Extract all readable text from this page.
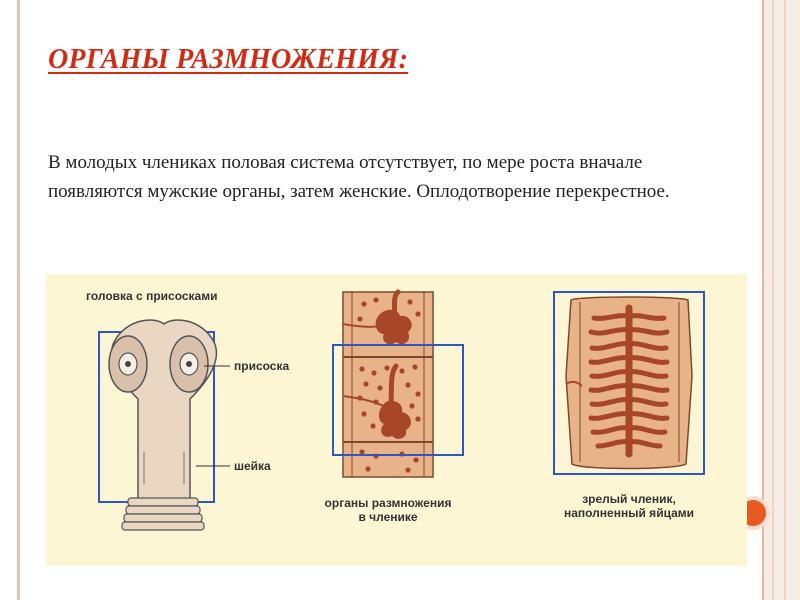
ОРГАНЫ РАЗМНОЖЕНИЯ:
В молодых члениках половая система отсутствует, по мере роста вначале появляются мужские органы, затем женские. Оплодотворение перекрестное.
головка с присосками
присоска
шейка
органы размножения
в членике
зрелый членик,
наполненный яйцами
